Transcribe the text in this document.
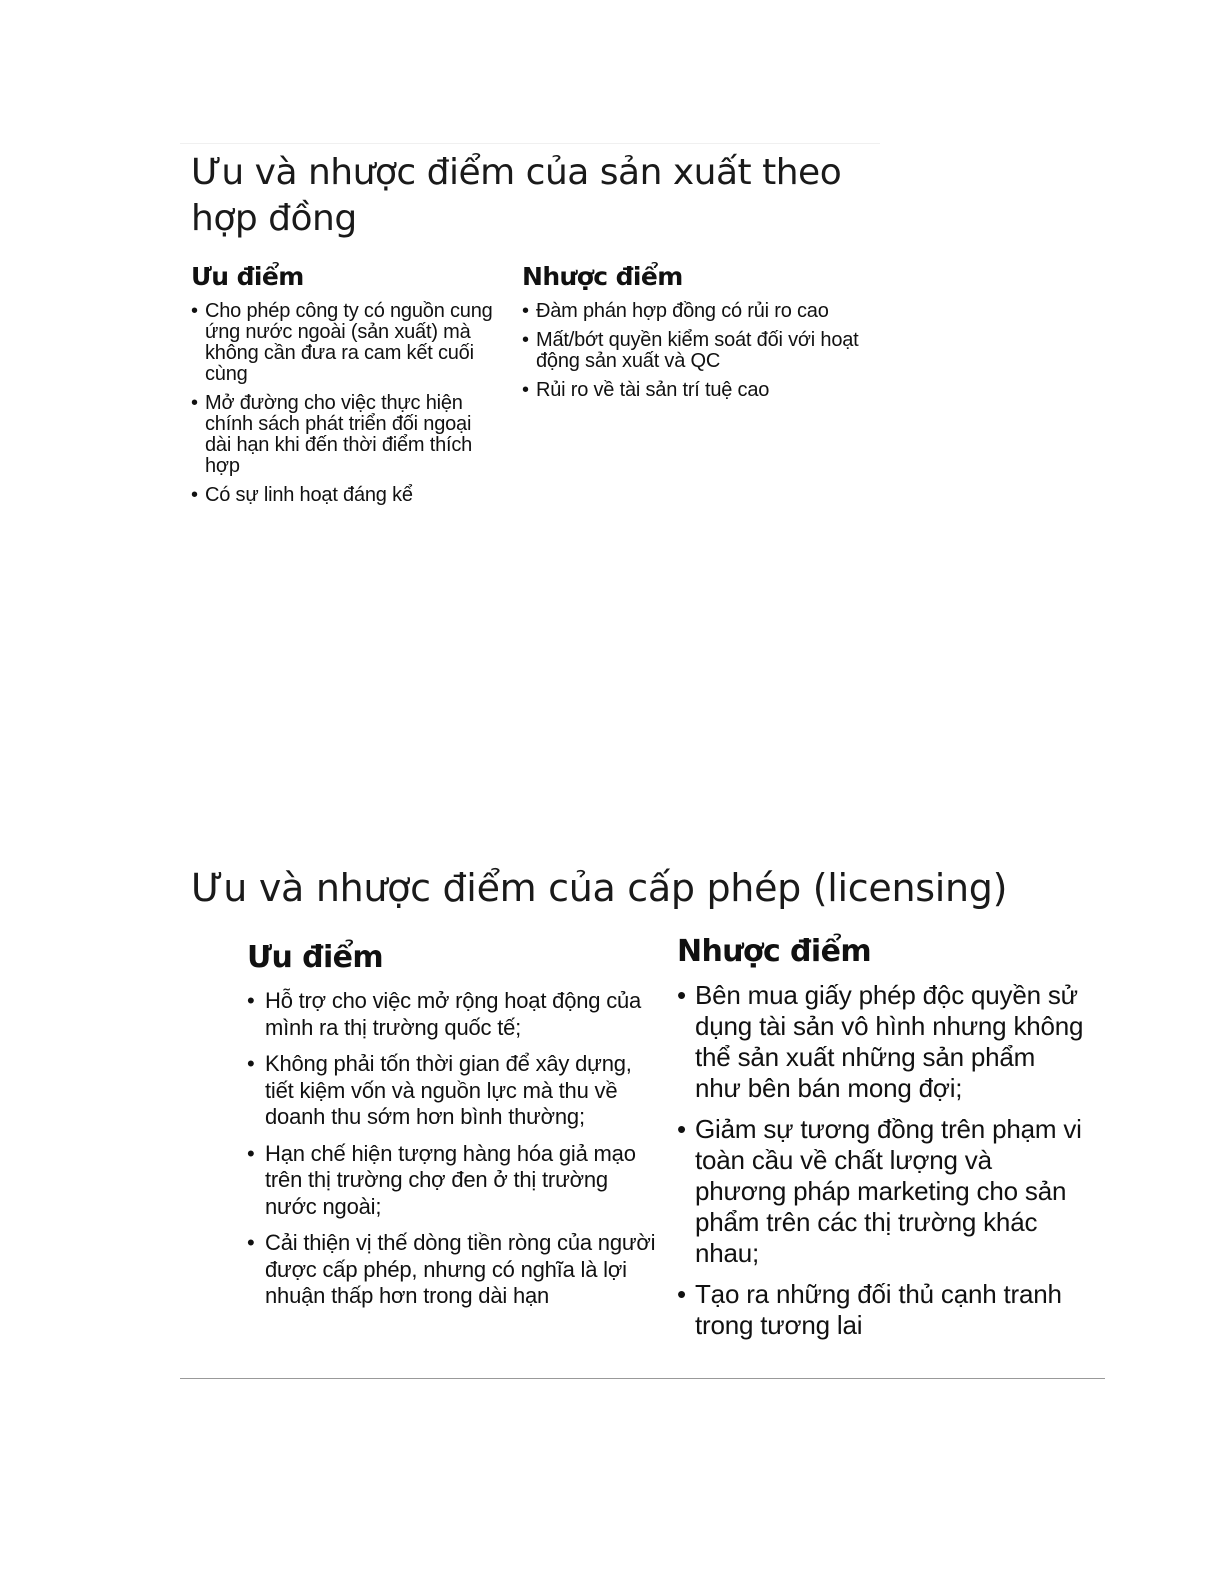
Ưu và nhược điểm của sản xuất theo hợp đồng
Ưu điểm
• Cho phép công ty có nguồn cung ứng nước ngoài (sản xuất) mà không cần đưa ra cam kết cuối cùng
• Mở đường cho việc thực hiện chính sách phát triển đối ngoại dài hạn khi đến thời điểm thích hợp
• Có sự linh hoạt đáng kể
Nhược điểm
• Đàm phán hợp đồng có rủi ro cao
• Mất/bớt quyền kiểm soát đối với hoạt động sản xuất và QC
• Rủi ro về tài sản trí tuệ cao
Ưu và nhược điểm của cấp phép (licensing)
Ưu điểm
• Hỗ trợ cho việc mở rộng hoạt động của mình ra thị trường quốc tế;
• Không phải tốn thời gian để xây dựng, tiết kiệm vốn và nguồn lực mà thu về doanh thu sớm hơn bình thường;
• Hạn chế hiện tượng hàng hóa giả mạo trên thị trường chợ đen ở thị trường nước ngoài;
• Cải thiện vị thế dòng tiền ròng của người được cấp phép, nhưng có nghĩa là lợi nhuận thấp hơn trong dài hạn
Nhược điểm
• Bên mua giấy phép độc quyền sử dụng tài sản vô hình nhưng không thể sản xuất những sản phẩm như bên bán mong đợi;
• Giảm sự tương đồng trên phạm vi toàn cầu về chất lượng và phương pháp marketing cho sản phẩm trên các thị trường khác nhau;
• Tạo ra những đối thủ cạnh tranh trong tương lai
